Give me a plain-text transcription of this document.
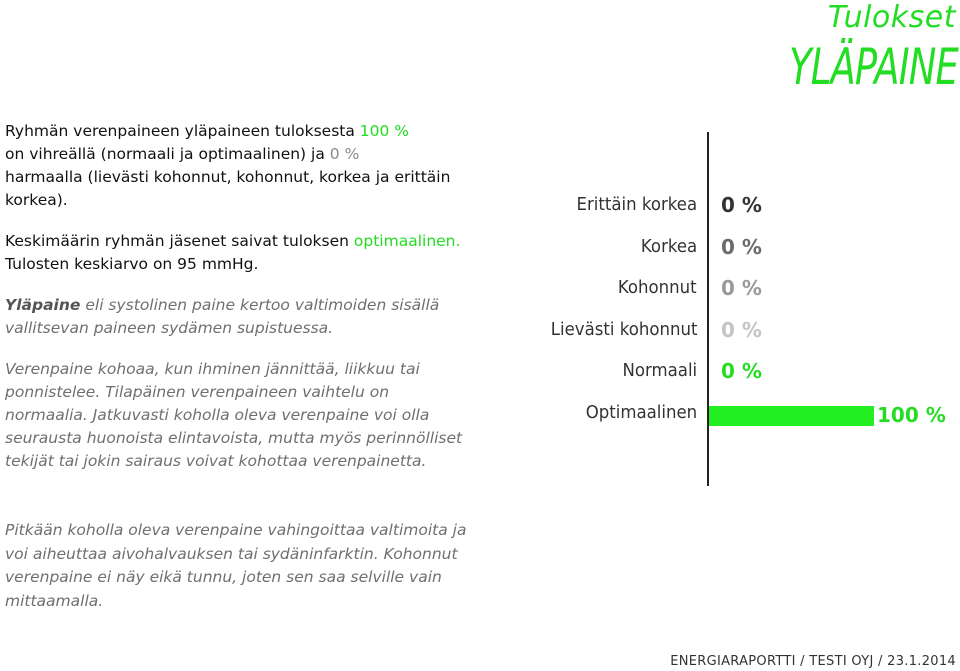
Tulokset
YLÄPAINE

Ryhmän verenpaineen yläpaineen tuloksesta 100 %
on vihreällä (normaali ja optimaalinen) ja 0 %
harmaalla (lievästi kohonnut, kohonnut, korkea ja erittäin korkea).

Keskimäärin ryhmän jäsenet saivat tuloksen optimaalinen. Tulosten keskiarvo on 95 mmHg.

Yläpaine eli systolinen paine kertoo valtimoiden sisällä vallitsevan paineen sydämen supistuessa.

Verenpaine kohoaa, kun ihminen jännittää, liikkuu tai ponnistelee. Tilapäinen verenpaineen vaihtelu on normaalia. Jatkuvasti koholla oleva verenpaine voi olla seurausta huonoista elintavoista, mutta myös perinnölliset tekijät tai jokin sairaus voivat kohottaa verenpainetta.

Pitkään koholla oleva verenpaine vahingoittaa valtimoita ja voi aiheuttaa aivohalvauksen tai sydäninfarktin. Kohonnut verenpaine ei näy eikä tunnu, joten sen saa selville vain mittaamalla.
Erittäin korkea 0 %
Korkea 0 %
Kohonnut 0 %
Lievästi kohonnut 0 %
Normaali 0 %
Optimaalinen	100 %
ENERGIARAPORTTI / TESTI OYJ / 23.1.2014
